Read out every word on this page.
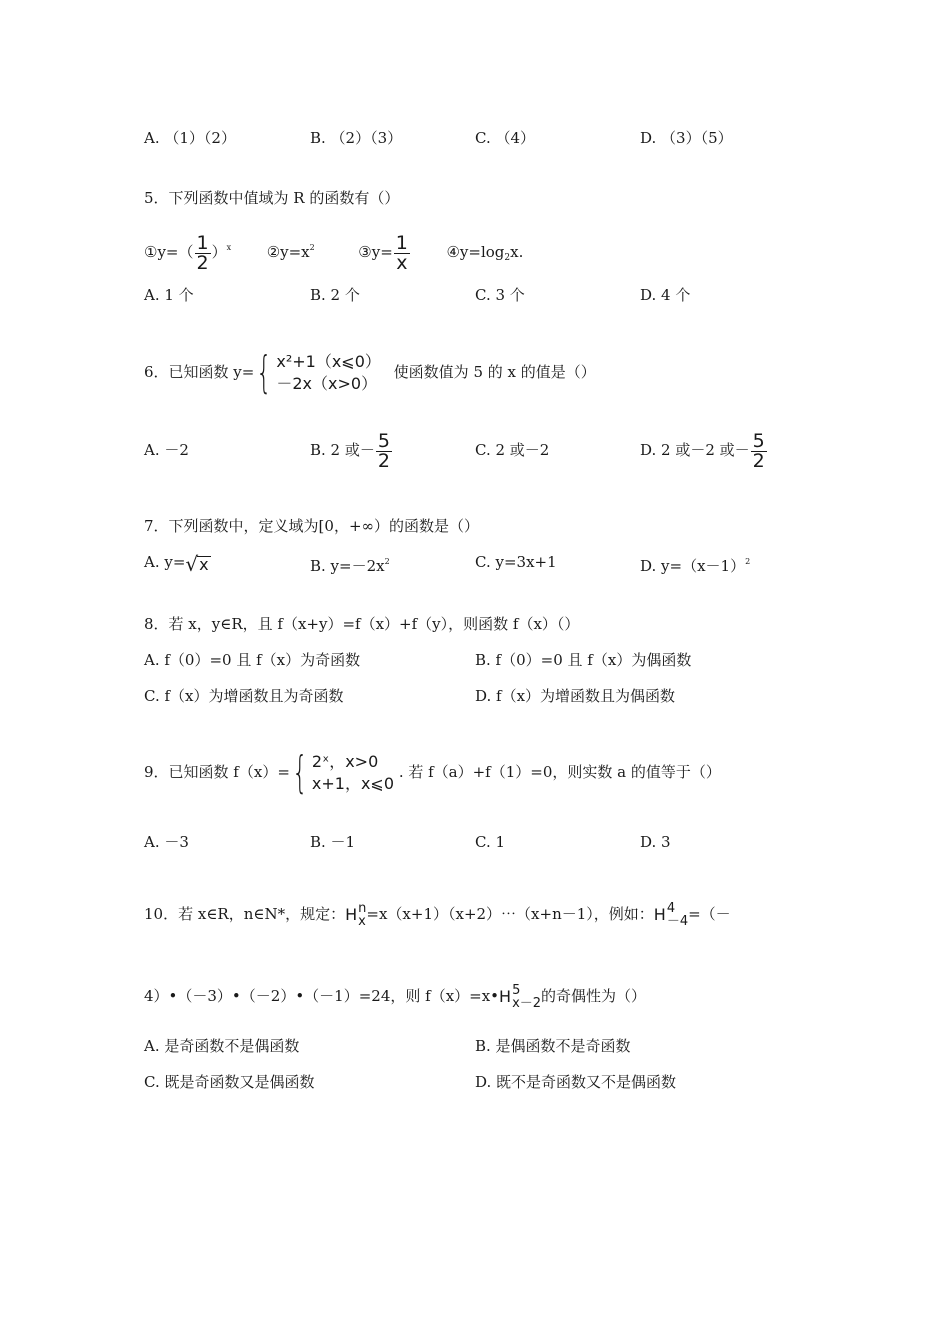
A. （1）（2）	B. （2）（3）	C. （4）	D. （3）（5）
5．下列函数中值域为 R 的函数有（）
①y=（ $\frac{1}{2} )^x$ $②y=x^2$	③y= $\frac{1}{x}$ $④y=\log_2x$.
A. 1 个	B. 2 个	C. 3 个	D. 4 个
6．已知函数 y= { x²+1（x⩽0）
－2x（x>0）
使函数值为 5 的 x 的值是（）
A. －2	B. 2 或－ $\frac{5}{2}$	C. 2 或－2	D. 2 或－2 或－ $\frac{5}{2}$
7．下列函数中，定义域为[0，+∞）的函数是（）
A. y= √ x	B. $y=-2x^2$	C. y=3x+1	D. $y=(x-1)^2$
8．若 x，y∈R，且 f（x+y）=f（x）+f（y），则函数 f（x）（）
A. f（0）=0 且 f（x）为奇函数	B. f（0）=0 且 f（x）为偶函数
C. f（x）为增函数且为奇函数	D. f（x）为增函数且为偶函数
9．已知函数 f（x）= { 2ˣ，x>0
x+1，x⩽0
. 若 f（a）+f（1）=0，则实数 a 的值等于（）
A. －3	B. －1	C. 1	D. 3
10．若 x∈R，n∈N*，规定： H n
x =x（x+1）（x+2）⋯（x+n－1），例如： H 4
－4 =（－
4）•（－3）•（－2）•（－1）=24，则 f（x）=x• H 5
x－2 的奇偶性为（）
A. 是奇函数不是偶函数	B. 是偶函数不是奇函数
C. 既是奇函数又是偶函数	D. 既不是奇函数又不是偶函数
